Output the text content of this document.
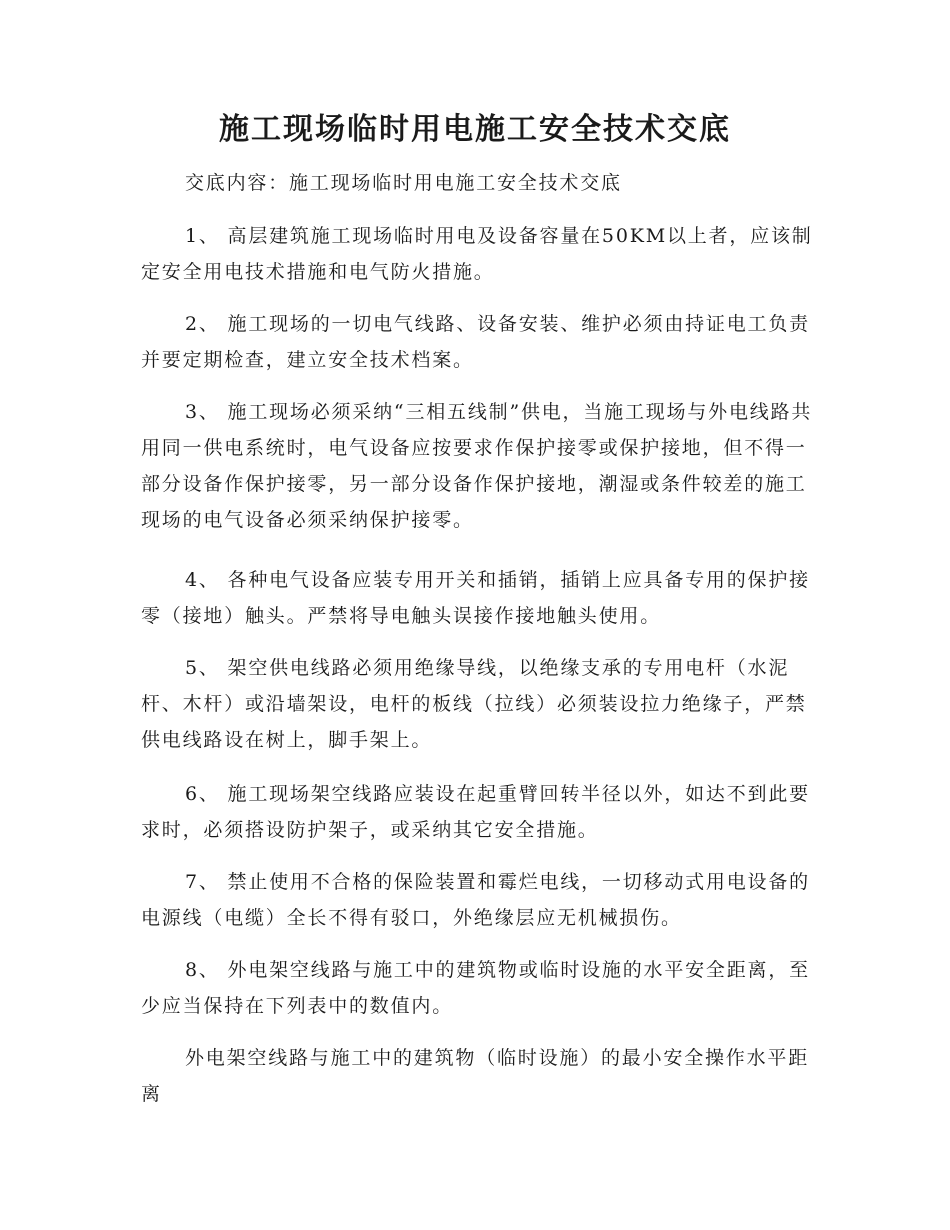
施工现场临时用电施工安全技术交底

交底内容：施工现场临时用电施工安全技术交底

1、 高层建筑施工现场临时用电及设备容量在50KM以上者，应该制定安全用电技术措施和电气防火措施。

2、 施工现场的一切电气线路、设备安装、维护必须由持证电工负责并要定期检查，建立安全技术档案。

3、 施工现场必须采纳“三相五线制”供电，当施工现场与外电线路共用同一供电系统时，电气设备应按要求作保护接零或保护接地，但不得一部分设备作保护接零，另一部分设备作保护接地，潮湿或条件较差的施工现场的电气设备必须采纳保护接零。

4、 各种电气设备应装专用开关和插销，插销上应具备专用的保护接零（接地）触头。严禁将导电触头误接作接地触头使用。

5、 架空供电线路必须用绝缘导线，以绝缘支承的专用电杆（水泥杆、木杆）或沿墙架设，电杆的板线（拉线）必须装设拉力绝缘子，严禁供电线路设在树上，脚手架上。

6、 施工现场架空线路应装设在起重臂回转半径以外，如达不到此要求时，必须搭设防护架子，或采纳其它安全措施。

7、 禁止使用不合格的保险装置和霉烂电线，一切移动式用电设备的电源线（电缆）全长不得有驳口，外绝缘层应无机械损伤。

8、 外电架空线路与施工中的建筑物或临时设施的水平安全距离，至少应当保持在下列表中的数值内。

外电架空线路与施工中的建筑物（临时设施）的最小安全操作水平距离
